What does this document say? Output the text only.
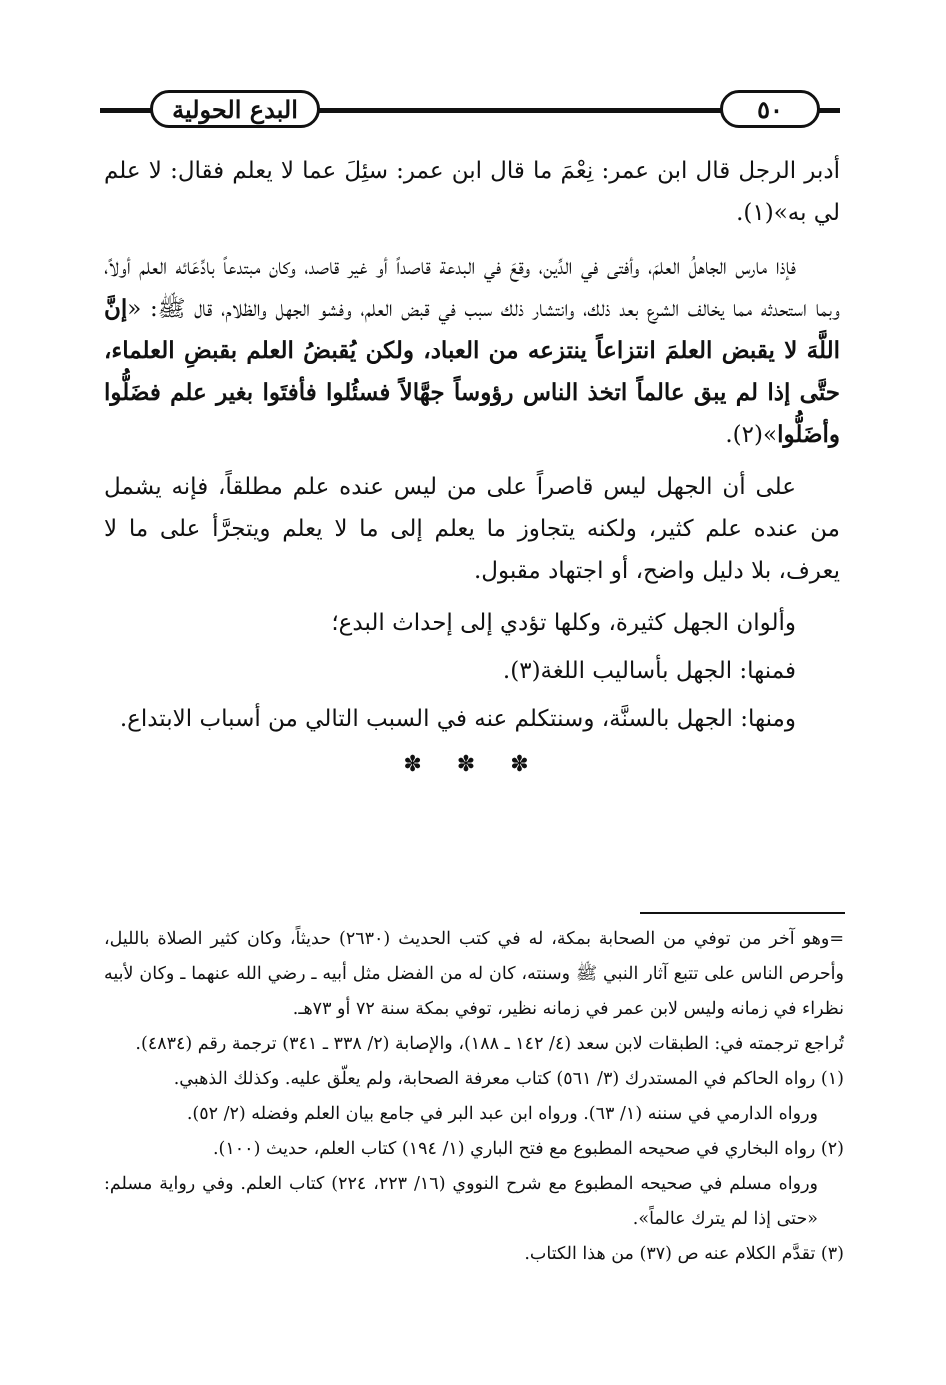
البدع الحولية	٥٠

أدبر الرجل قال ابن عمر: نِعْمَ ما قال ابن عمر: سئِلَ عما لا يعلم فقال: لا علم لي به»(١).

فإذا مارس الجاهلُ العلمَ، وأفتى في الدِّين، وقعَ في البدعة قاصداً أو غير قاصد، وكان مبتدعاً بادِّعَائه العلم أولاً، وبما استحدثه مما يخالف الشرع بعد ذلك، وانتشار ذلك سبب في قبض العلم، وفشو الجهل والظلام، قال ﷺ: «إنَّ اللَّهَ لا يقبض العلمَ انتزاعاً ينتزعه من العباد، ولكن يُقبضُ العلم بقبضِ العلماء، حتَّى إذا لم يبق عالماً اتخذ الناس رؤوساً جهَّالاً فسئُلوا فأفتَوا بغير علم فضَلُّوا وأضَلُّوا»(٢).

على أن الجهل ليس قاصراً على من ليس عنده علم مطلقاً، فإنه يشمل من عنده علم كثير، ولكنه يتجاوز ما يعلم إلى ما لا يعلم ويتجرَّأ على ما لا يعرف، بلا دليل واضح، أو اجتهاد مقبول.

وألوان الجهل كثيرة، وكلها تؤدي إلى إحداث البدع؛

فمنها: الجهل بأساليب اللغة(٣).

ومنها: الجهل بالسنَّة، وسنتكلم عنه في السبب التالي من أسباب الابتداع.

✽ ✽ ✽

=وهو آخر من توفي من الصحابة بمكة، له في كتب الحديث (٢٦٣٠) حديثاً، وكان كثير الصلاة بالليل، وأحرص الناس على تتبع آثار النبي ﷺ وسنته، كان له من الفضل مثل أبيه ـ رضي الله عنهما ـ وكان لأبيه نظراء في زمانه وليس لابن عمر في زمانه نظير، توفي بمكة سنة ٧٢ أو ٧٣هـ.

تُراجع ترجمته في: الطبقات لابن سعد (٤/ ١٤٢ ـ ١٨٨)، والإصابة (٢/ ٣٣٨ ـ ٣٤١) ترجمة رقم (٤٨٣٤).

(١) رواه الحاكم في المستدرك (٣/ ٥٦١) كتاب معرفة الصحابة، ولم يعلّق عليه. وكذلك الذهبي.

ورواه الدارمي في سننه (١/ ٦٣). ورواه ابن عبد البر في جامع بيان العلم وفضله (٢/ ٥٢).

(٢) رواه البخاري في صحيحه المطبوع مع فتح الباري (١/ ١٩٤) كتاب العلم، حديث (١٠٠).

ورواه مسلم في صحيحه المطبوع مع شرح النووي (١٦/ ٢٢٣، ٢٢٤) كتاب العلم. وفي رواية مسلم: «حتى إذا لم يترك عالماً».

(٣) تقدَّم الكلام عنه ص (٣٧) من هذا الكتاب.
